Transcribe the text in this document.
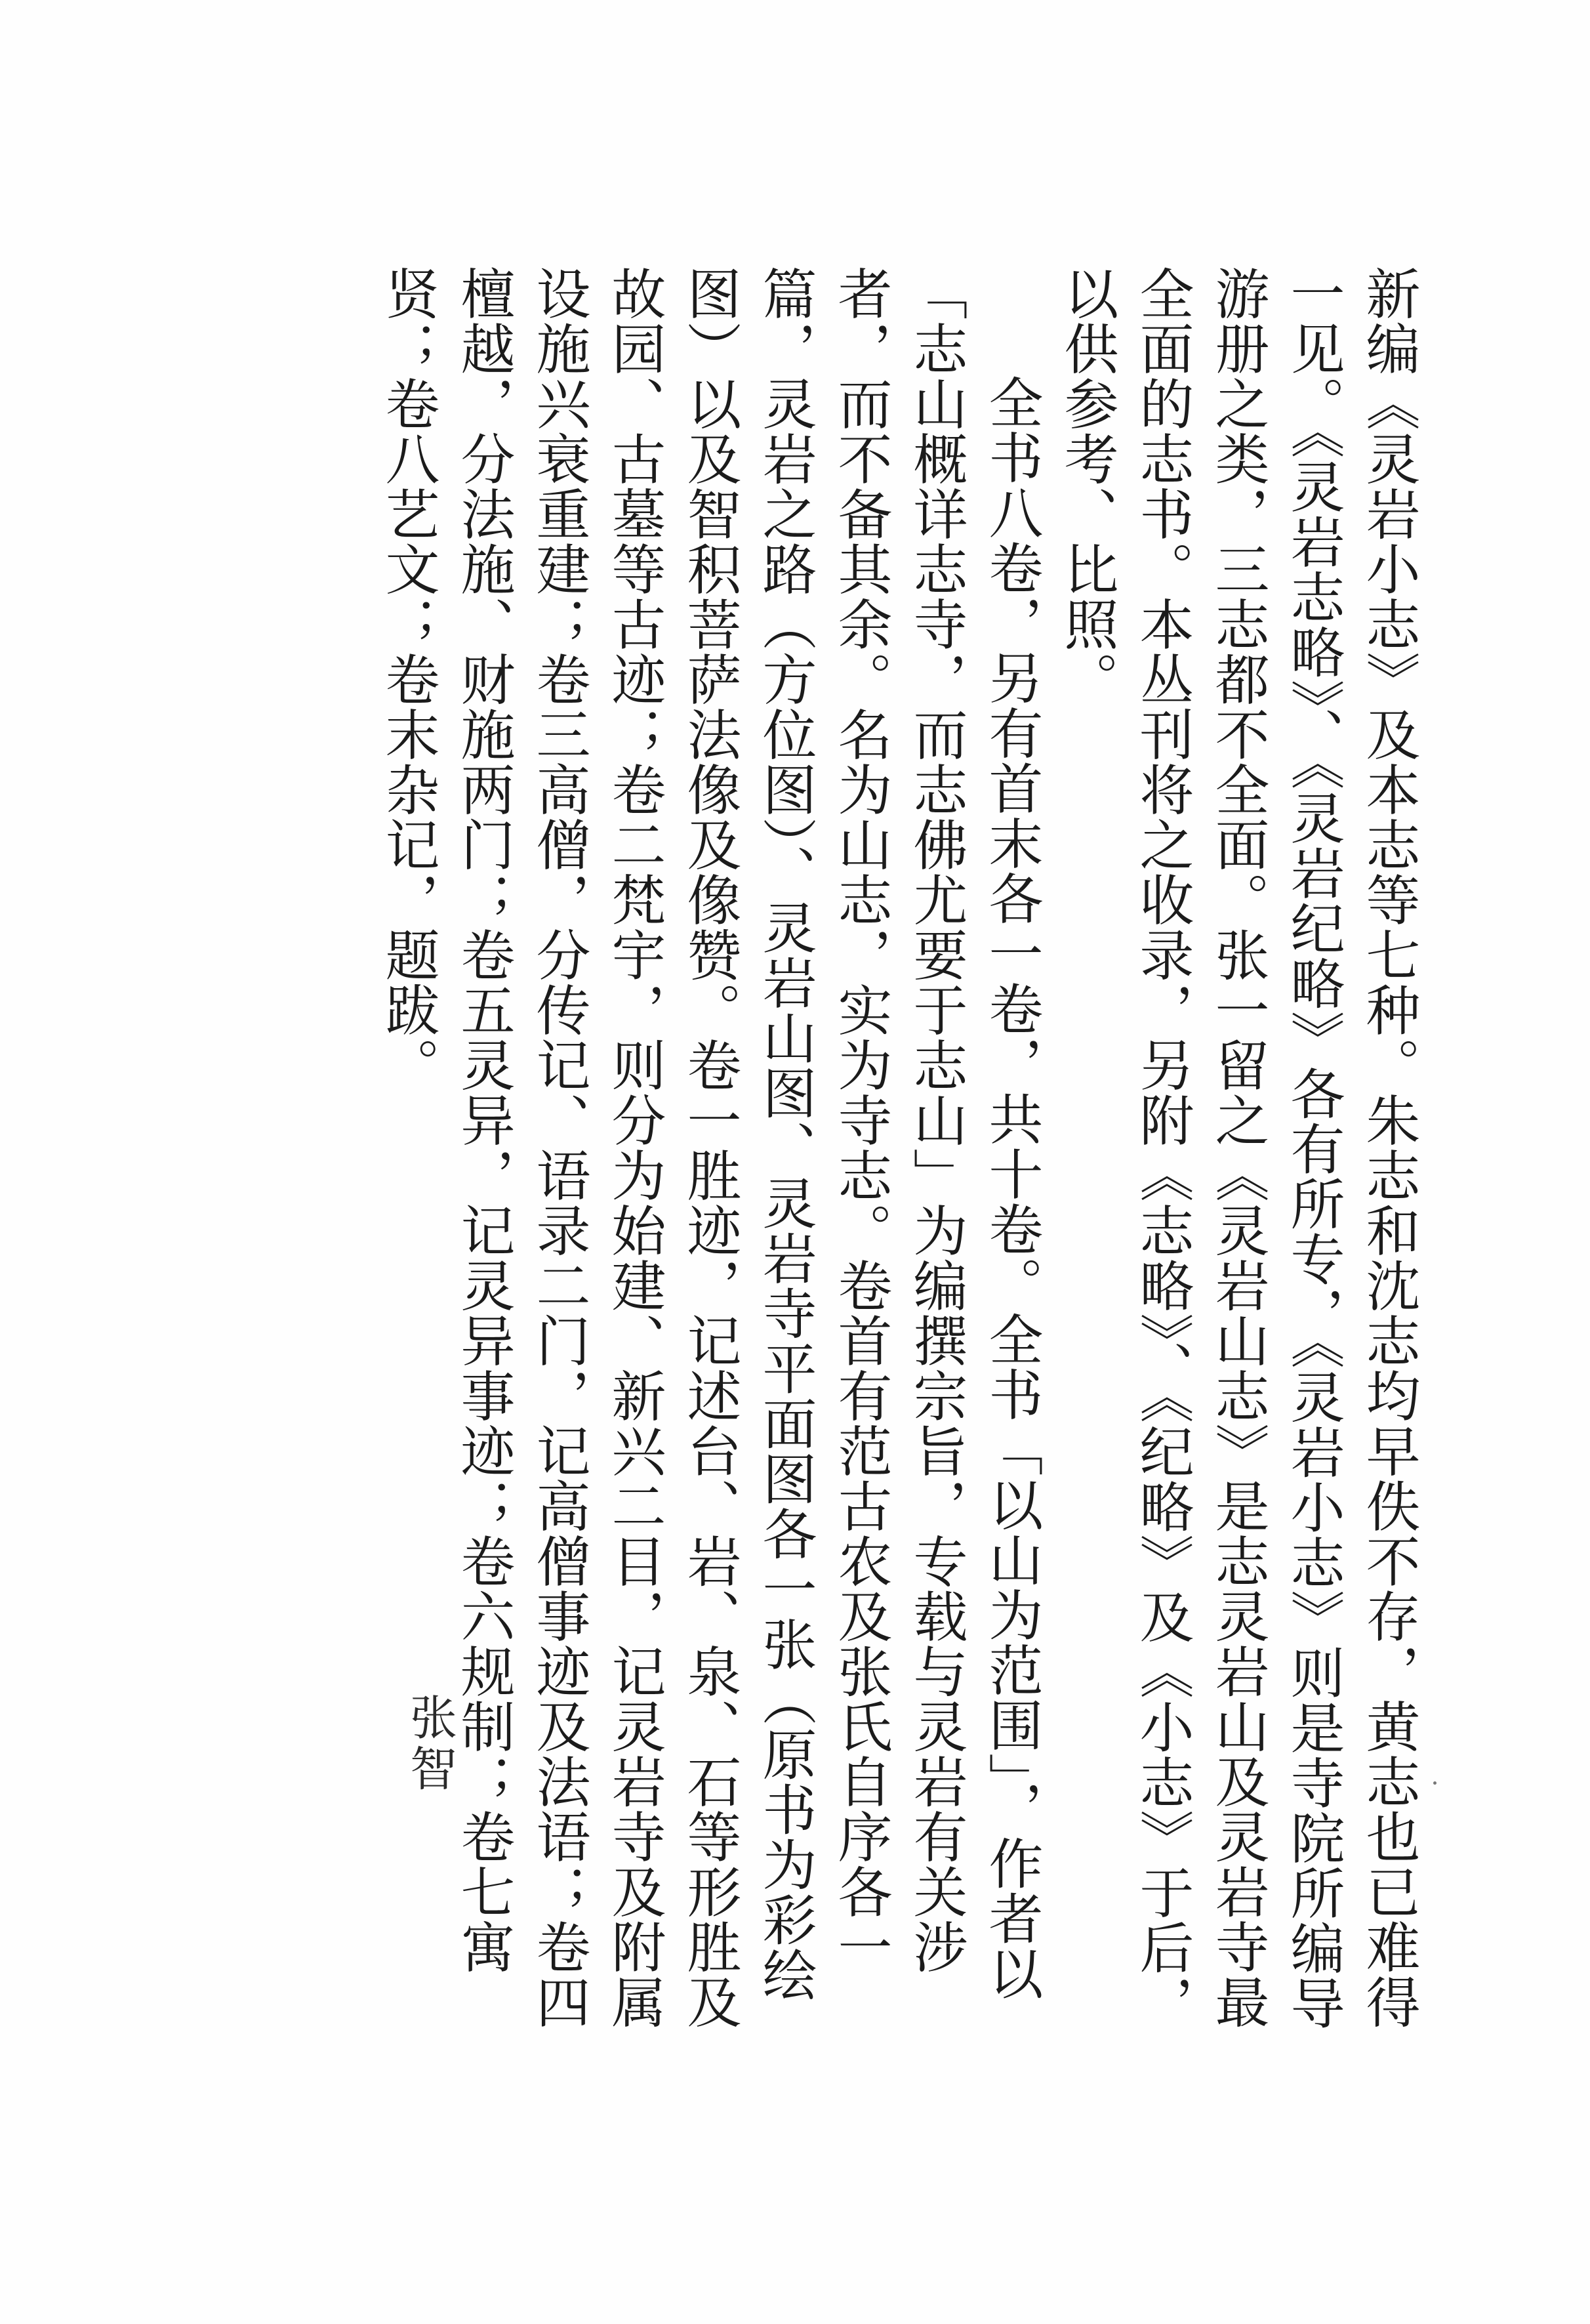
新编《灵岩小志》及本志等七种。朱志和沈志均早佚不存，黄志也已难得一见。《灵岩志略》、《灵岩纪略》各有所专，《灵岩小志》则是寺院所编导游册之类，三志都不全面。张一留之《灵岩山志》是志灵岩山及灵岩寺最全面的志书。本丛刊将之收录，另附《志略》、《纪略》及《小志》于后，以供参考、比照。

全书八卷，另有首末各一卷，共十卷。全书「以山为范围」，作者以「志山概详志寺，而志佛尤要于志山」为编撰宗旨，专载与灵岩有关涉者，而不备其余。名为山志，实为寺志。卷首有范古农及张氏自序各一篇，灵岩之路（方位图）、灵岩山图、灵岩寺平面图各一张（原书为彩绘图）以及智积菩萨法像及像赞。卷一胜迹，记述台、岩、泉、石等形胜及故园、古墓等古迹；卷二梵宇，则分为始建、新兴二目，记灵岩寺及附属设施兴衰重建；卷三高僧，分传记、语录二门，记高僧事迹及法语；卷四檀越，分法施、财施两门；卷五灵异，记灵异事迹；卷六规制；卷七寓贤；卷八艺文；卷末杂记，题跋。

张智
